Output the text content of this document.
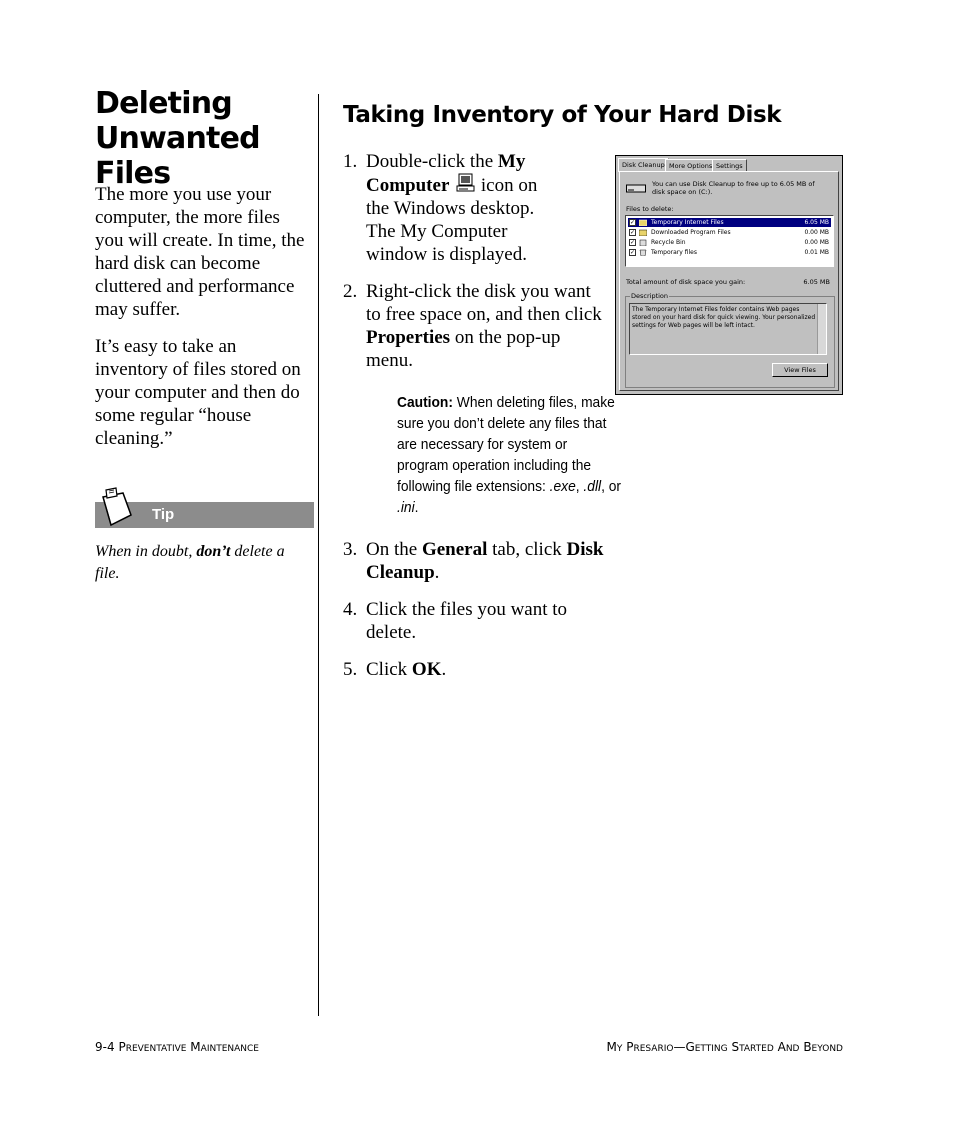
Deleting Unwanted Files
The more you use your computer, the more files you will create. In time, the hard disk can become cluttered and performance may suffer.
It’s easy to take an inventory of files stored on your computer and then do some regular “house cleaning.”
Tip
When in doubt, don’t delete a file.
Taking Inventory of Your Hard Disk
1. Double-click the My Computer  icon on the Windows desktop. The My Computer window is displayed.
2. Right-click the disk you want to free space on, and then click Properties on the pop-up menu.
Caution: When deleting files, make sure you don’t delete any files that are necessary for system or program operation including the following file extensions: .exe, .dll, or .ini.
3. On the General tab, click Disk Cleanup.
4. Click the files you want to delete.
5. Click OK.
Disk Cleanup More Options Settings
You can use Disk Cleanup to free up to 6.05 MB of disk space on (C:).
Files to delete:
✓	Temporary Internet Files	6.05 MB
✓	Downloaded Program Files	0.00 MB
✓	Recycle Bin	0.00 MB
✓	Temporary files	0.01 MB
Total amount of disk space you gain:	6.05 MB
Description
The Temporary Internet Files folder contains Web pages stored on your hard disk for quick viewing. Your personalized settings for Web pages will be left intact.
View Files
9-4 PREVENTATIVE MAINTENANCE	MY PRESARIO—GETTING STARTED AND BEYOND
